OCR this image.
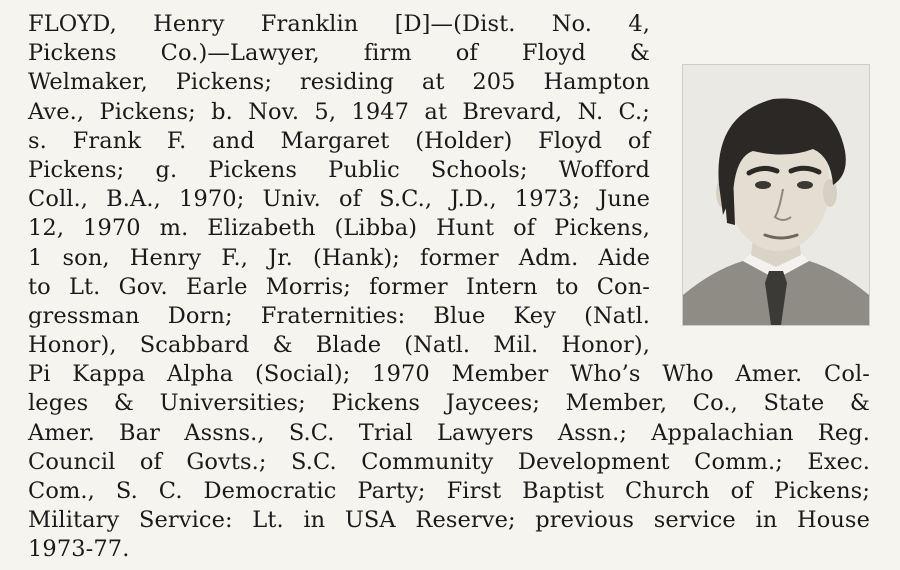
FLOYD, Henry Franklin [D]—(Dist. No. 4,
Pickens Co.)—Lawyer, firm of Floyd &
Welmaker, Pickens; residing at 205 Hampton
Ave., Pickens; b. Nov. 5, 1947 at Brevard, N. C.;
s. Frank F. and Margaret (Holder) Floyd of
Pickens; g. Pickens Public Schools; Wofford
Coll., B.A., 1970; Univ. of S.C., J.D., 1973; June
12, 1970 m. Elizabeth (Libba) Hunt of Pickens,
1 son, Henry F., Jr. (Hank); former Adm. Aide
to Lt. Gov. Earle Morris; former Intern to Con-
gressman Dorn; Fraternities: Blue Key (Natl.
Honor), Scabbard & Blade (Natl. Mil. Honor),
Pi Kappa Alpha (Social); 1970 Member Who’s Who Amer. Col-
leges & Universities; Pickens Jaycees; Member, Co., State &
Amer. Bar Assns., S.C. Trial Lawyers Assn.; Appalachian Reg.
Council of Govts.; S.C. Community Development Comm.; Exec.
Com., S. C. Democratic Party; First Baptist Church of Pickens;
Military Service: Lt. in USA Reserve; previous service in House
1973-77.
